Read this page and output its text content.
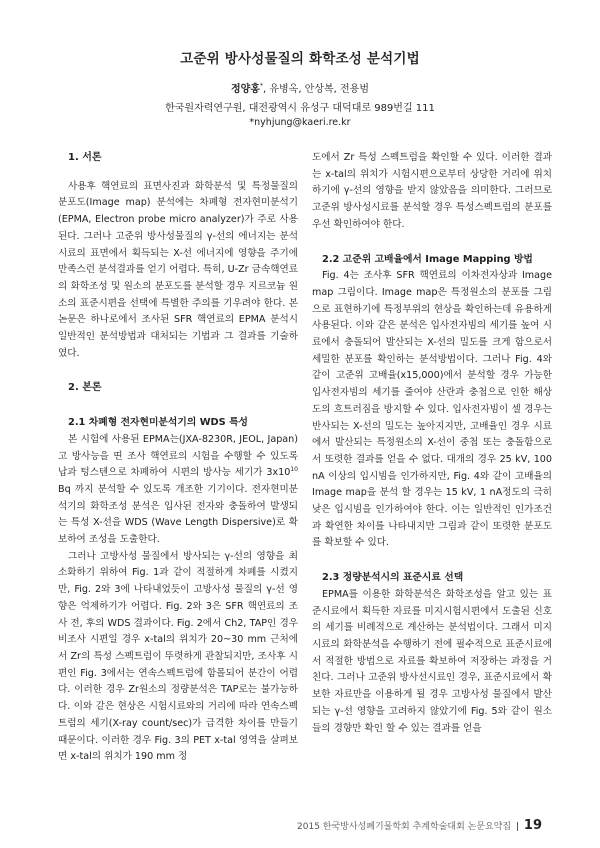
고준위 방사성물질의 화학조성 분석기법
정양홍*, 유병옥, 안상복, 전용범
한국원자력연구원, 대전광역시 유성구 대덕대로 989번길 111
*nyhjung@kaeri.re.kr

1. 서론

사용후 핵연료의 표면사진과 화학분석 및 특정물질의 분포도(Image map) 분석에는 차폐형 전자현미분석기(EPMA, Electron probe micro analyzer)가 주로 사용된다. 그러나 고준위 방사성물질의 γ-선의 에너지는 분석시료의 표면에서 획득되는 X-선 에너지에 영향을 주기에 만족스런 분석결과를 얻기 어렵다. 특히, U-Zr 금속핵연료의 화학조성 및 원소의 분포도를 분석할 경우 지르코늄 원소의 표준시편을 선택에 특별한 주의를 기우려야 한다. 본 논문은 하나로에서 조사된 SFR 핵연료의 EPMA 분석시 일반적인 분석방법과 대처되는 기법과 그 결과를 기술하였다.

2. 본론

2.1 차폐형 전자현미분석기의 WDS 특성

본 시험에 사용된 EPMA는(JXA-8230R, JEOL, Japan) 고 방사능을 띤 조사 핵연료의 시험을 수행할 수 있도록 납과 텅스텐으로 차폐하여 시편의 방사능 세기가 $3x10^{10}$ Bq 까지 분석할 수 있도록 개조한 기기이다. 전자현미분석기의 화학조성 분석은 입사된 전자와 충돌하여 발생되는 특성 X-선을 WDS (Wave Length Dispersive)로 확보하여 조성을 도출한다.

그러나 고방사성 물질에서 방사되는 γ-선의 영향을 최소화하기 위하여 Fig. 1과 같이 적절하게 차폐를 시켰지만, Fig. 2와 3에 나타내었듯이 고방사성 물질의 γ-선 영향은 억제하기가 어렵다. Fig. 2와 3은 SFR 핵연료의 조사 전, 후의 WDS 결과이다. Fig. 2에서 Ch2, TAP인 경우 비조사 시편일 경우 x-tal의 위치가 20~30 mm 근처에서 Zr의 특성 스펙트럼이 뚜렷하게 관찰되지만, 조사후 시편인 Fig. 3에서는 연속스펙트럼에 함몰되어 분간이 어렵다. 이러한 경우 Zr원소의 정량분석은 TAP로는 불가능하다. 이와 같은 현상은 시험시료와의 거리에 따라 연속스펙트럼의 세기(X-ray count/sec)가 급격한 차이를 만들기 때문이다. 이러한 경우 Fig. 3의 PET x-tal 영역을 살펴보면 x-tal의 위치가 190 mm 정

도에서 Zr 특성 스펙트럼을 확인할 수 있다. 이러한 결과는 x-tal의 위치가 시험시편으로부터 상당한 거리에 위치하기에 γ-선의 영향을 받지 않았음을 의미한다. 그러므로 고준위 방사성시료를 분석할 경우 특성스펙트럼의 분포를 우선 확인하여야 한다.

2.2 고준위 고배율에서 Image Mapping 방법

Fig. 4는 조사후 SFR 핵연료의 이차전자상과 Image map 그림이다. Image map은 특정원소의 분포를 그림으로 표현하기에 특정부위의 현상을 확인하는데 유용하게 사용된다. 이와 같은 분석은 입사전자빔의 세기를 높여 시료에서 충돌되어 발산되는 X-선의 밀도를 크게 함으로서 세밀한 분포를 확인하는 분석방법이다. 그러나 Fig. 4와 같이 고준위 고배율(x15,000)에서 분석할 경우 가능한 입사전자빔의 세기를 줄여야 산란과 충첩으로 인한 해상도의 흐트러짐을 방지할 수 있다. 입사전자빔이 셀 경우는 반사되는 X-선의 밀도는 높아지지만, 고배율인 경우 시료에서 발산되는 특정원소의 X-선이 중첩 또는 충돌함으로서 또렷한 결과를 얻을 수 없다. 대개의 경우 25 kV, 100 nA 이상의 입시빔을 인가하지만, Fig. 4와 같이 고배율의 Image map을 분석 할 경우는 15 kV, 1 nA정도의 극히 낮은 입시빔을 인가하여야 한다. 이는 일반적인 인가조건과 확연한 차이를 나타내지만 그림과 같이 또렷한 분포도를 확보할 수 있다.

2.3 정량분석시의 표준시료 선택

EPMA를 이용한 화학분석은 화학조성을 알고 있는 표준시료에서 획득한 자료를 미지시험시편에서 도출된 신호의 세기를 비례적으로 계산하는 분석법이다. 그래서 미지시료의 화학분석을 수행하기 전에 필수적으로 표준시료에서 적절한 방법으로 자료를 확보하여 저장하는 과정을 거친다. 그러나 고준위 방사선시료인 경우, 표준시료에서 확보한 자료만을 이용하게 될 경우 고방사성 물질에서 발산되는 γ-선 영향을 고려하지 않았기에 Fig. 5와 같이 원소들의 경향만 확인 할 수 있는 결과를 얻을

2015 한국방사성폐기물학회 추계학술대회 논문요약집 | 19
